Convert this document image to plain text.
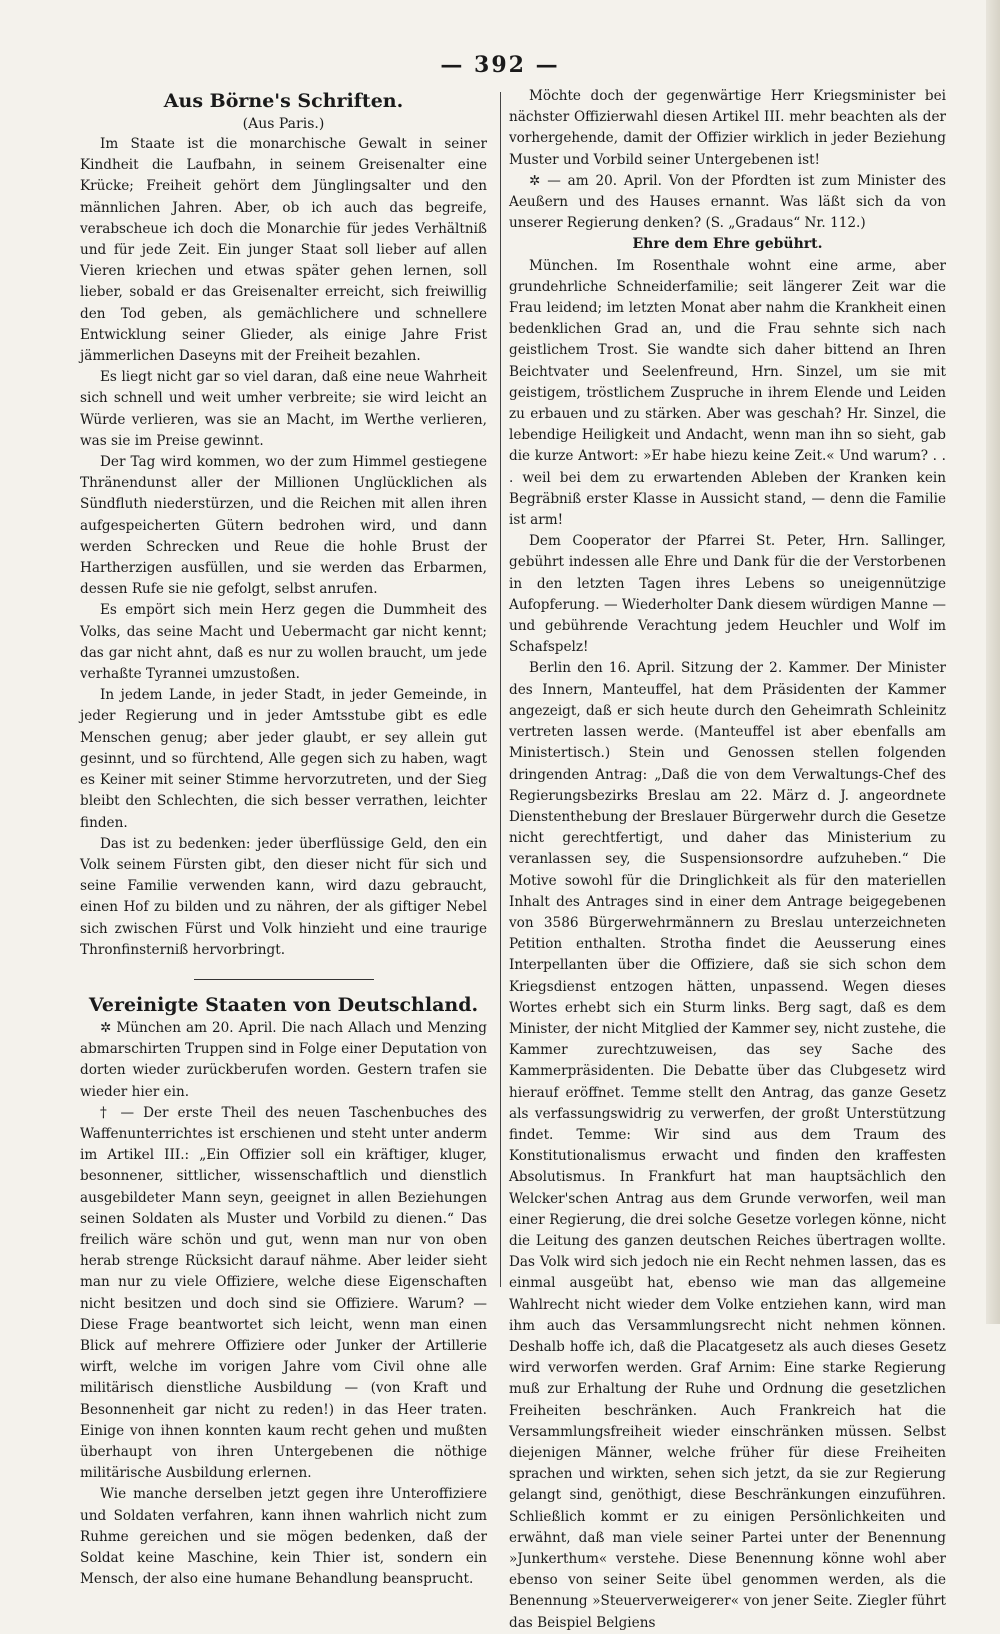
— 392 —
Aus Börne's Schriften.
(Aus Paris.)

Im Staate ist die monarchische Gewalt in seiner Kindheit die Laufbahn, in seinem Greisenalter eine Krücke; Freiheit gehört dem Jünglingsalter und den männlichen Jahren. Aber, ob ich auch das begreife, verabscheue ich doch die Monarchie für jedes Verhältniß und für jede Zeit. Ein junger Staat soll lieber auf allen Vieren kriechen und etwas später gehen lernen, soll lieber, sobald er das Greisenalter erreicht, sich freiwillig den Tod geben, als gemächlichere und schnellere Entwicklung seiner Glieder, als einige Jahre Frist jämmerlichen Daseyns mit der Freiheit bezahlen.

Es liegt nicht gar so viel daran, daß eine neue Wahrheit sich schnell und weit umher verbreite; sie wird leicht an Würde verlieren, was sie an Macht, im Werthe verlieren, was sie im Preise gewinnt.

Der Tag wird kommen, wo der zum Himmel gestiegene Thränendunst aller der Millionen Unglücklichen als Sündfluth niederstürzen, und die Reichen mit allen ihren aufgespeicherten Gütern bedrohen wird, und dann werden Schrecken und Reue die hohle Brust der Hartherzigen ausfüllen, und sie werden das Erbarmen, dessen Rufe sie nie gefolgt, selbst anrufen.

Es empört sich mein Herz gegen die Dummheit des Volks, das seine Macht und Uebermacht gar nicht kennt; das gar nicht ahnt, daß es nur zu wollen braucht, um jede verhaßte Tyrannei umzustoßen.

In jedem Lande, in jeder Stadt, in jeder Gemeinde, in jeder Regierung und in jeder Amtsstube gibt es edle Menschen genug; aber jeder glaubt, er sey allein gut gesinnt, und so fürchtend, Alle gegen sich zu haben, wagt es Keiner mit seiner Stimme hervorzutreten, und der Sieg bleibt den Schlechten, die sich besser verrathen, leichter finden.

Das ist zu bedenken: jeder überflüssige Geld, den ein Volk seinem Fürsten gibt, den dieser nicht für sich und seine Familie verwenden kann, wird dazu gebraucht, einen Hof zu bilden und zu nähren, der als giftiger Nebel sich zwischen Fürst und Volk hinzieht und eine traurige Thronfinsterniß hervorbringt.

Vereinigte Staaten von Deutschland.

✲ München am 20. April. Die nach Allach und Menzing abmarschirten Truppen sind in Folge einer Deputation von dorten wieder zurückberufen worden. Gestern trafen sie wieder hier ein.

† — Der erste Theil des neuen Taschenbuches des Waffenunterrichtes ist erschienen und steht unter anderm im Artikel III.: „Ein Offizier soll ein kräftiger, kluger, besonnener, sittlicher, wissenschaftlich und dienstlich ausgebildeter Mann seyn, geeignet in allen Beziehungen seinen Soldaten als Muster und Vorbild zu dienen.“ Das freilich wäre schön und gut, wenn man nur von oben herab strenge Rücksicht darauf nähme. Aber leider sieht man nur zu viele Offiziere, welche diese Eigenschaften nicht besitzen und doch sind sie Offiziere. Warum? — Diese Frage beantwortet sich leicht, wenn man einen Blick auf mehrere Offiziere oder Junker der Artillerie wirft, welche im vorigen Jahre vom Civil ohne alle militärisch dienstliche Ausbildung — (von Kraft und Besonnenheit gar nicht zu reden!) in das Heer traten. Einige von ihnen konnten kaum recht gehen und mußten überhaupt von ihren Untergebenen die nöthige militärische Ausbildung erlernen.

Wie manche derselben jetzt gegen ihre Unteroffiziere und Soldaten verfahren, kann ihnen wahrlich nicht zum Ruhme gereichen und sie mögen bedenken, daß der Soldat keine Maschine, kein Thier ist, sondern ein Mensch, der also eine humane Behandlung beansprucht.

Möchte doch der gegenwärtige Herr Kriegsminister bei nächster Offizierwahl diesen Artikel III. mehr beachten als der vorhergehende, damit der Offizier wirklich in jeder Beziehung Muster und Vorbild seiner Untergebenen ist!

✲ — am 20. April. Von der Pfordten ist zum Minister des Aeußern und des Hauses ernannt. Was läßt sich da von unserer Regierung denken? (S. „Gradaus“ Nr. 112.)

Ehre dem Ehre gebührt.

München. Im Rosenthale wohnt eine arme, aber grundehrliche Schneiderfamilie; seit längerer Zeit war die Frau leidend; im letzten Monat aber nahm die Krankheit einen bedenklichen Grad an, und die Frau sehnte sich nach geistlichem Trost. Sie wandte sich daher bittend an Ihren Beichtvater und Seelenfreund, Hrn. Sinzel, um sie mit geistigem, tröstlichem Zuspruche in ihrem Elende und Leiden zu erbauen und zu stärken. Aber was geschah? Hr. Sinzel, die lebendige Heiligkeit und Andacht, wenn man ihn so sieht, gab die kurze Antwort: »Er habe hiezu keine Zeit.« Und warum? . . . weil bei dem zu erwartenden Ableben der Kranken kein Begräbniß erster Klasse in Aussicht stand, — denn die Familie ist arm!

Dem Cooperator der Pfarrei St. Peter, Hrn. Sallinger, gebührt indessen alle Ehre und Dank für die der Verstorbenen in den letzten Tagen ihres Lebens so uneigennützige Aufopferung. — Wiederholter Dank diesem würdigen Manne — und gebührende Verachtung jedem Heuchler und Wolf im Schafspelz!

Berlin den 16. April. Sitzung der 2. Kammer. Der Minister des Innern, Manteuffel, hat dem Präsidenten der Kammer angezeigt, daß er sich heute durch den Geheimrath Schleinitz vertreten lassen werde. (Manteuffel ist aber ebenfalls am Ministertisch.) Stein und Genossen stellen folgenden dringenden Antrag: „Daß die von dem Verwaltungs-Chef des Regierungsbezirks Breslau am 22. März d. J. angeordnete Dienstenthebung der Breslauer Bürgerwehr durch die Gesetze nicht gerechtfertigt, und daher das Ministerium zu veranlassen sey, die Suspensionsordre aufzuheben.“ Die Motive sowohl für die Dringlichkeit als für den materiellen Inhalt des Antrages sind in einer dem Antrage beigegebenen von 3586 Bürgerwehrmännern zu Breslau unterzeichneten Petition enthalten. Strotha findet die Aeusserung eines Interpellanten über die Offiziere, daß sie sich schon dem Kriegsdienst entzogen hätten, unpassend. Wegen dieses Wortes erhebt sich ein Sturm links. Berg sagt, daß es dem Minister, der nicht Mitglied der Kammer sey, nicht zustehe, die Kammer zurechtzuweisen, das sey Sache des Kammerpräsidenten. Die Debatte über das Clubgesetz wird hierauf eröffnet. Temme stellt den Antrag, das ganze Gesetz als verfassungswidrig zu verwerfen, der großt Unterstützung findet. Temme: Wir sind aus dem Traum des Konstitutionalismus erwacht und finden den kraffesten Absolutismus. In Frankfurt hat man hauptsächlich den Welcker'schen Antrag aus dem Grunde verworfen, weil man einer Regierung, die drei solche Gesetze vorlegen könne, nicht die Leitung des ganzen deutschen Reiches übertragen wollte. Das Volk wird sich jedoch nie ein Recht nehmen lassen, das es einmal ausgeübt hat, ebenso wie man das allgemeine Wahlrecht nicht wieder dem Volke entziehen kann, wird man ihm auch das Versammlungsrecht nicht nehmen können. Deshalb hoffe ich, daß die Placatgesetz als auch dieses Gesetz wird verworfen werden. Graf Arnim: Eine starke Regierung muß zur Erhaltung der Ruhe und Ordnung die gesetzlichen Freiheiten beschränken. Auch Frankreich hat die Versammlungsfreiheit wieder einschränken müssen. Selbst diejenigen Männer, welche früher für diese Freiheiten sprachen und wirkten, sehen sich jetzt, da sie zur Regierung gelangt sind, genöthigt, diese Beschränkungen einzuführen. Schließlich kommt er zu einigen Persönlichkeiten und erwähnt, daß man viele seiner Partei unter der Benennung »Junkerthum« verstehe. Diese Benennung könne wohl aber ebenso von seiner Seite übel genommen werden, als die Benennung »Steuerverweigerer« von jener Seite. Ziegler führt das Beispiel Belgiens
